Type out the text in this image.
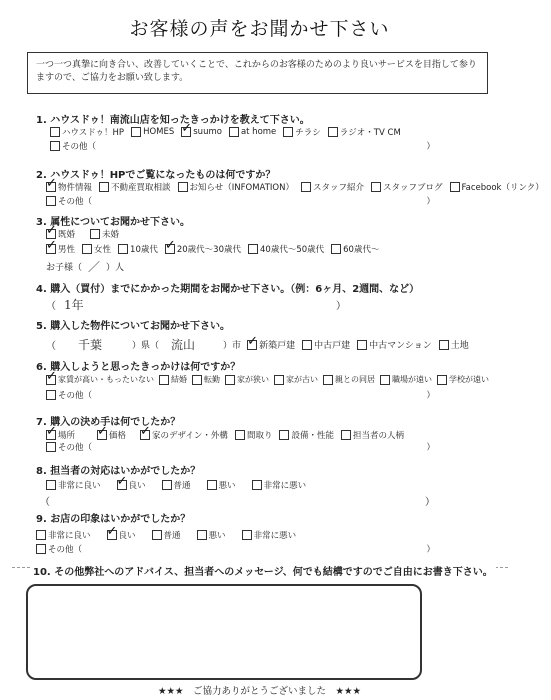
お客様の声をお聞かせ下さい
一つ一つ真摯に向き合い、改善していくことで、これからのお客様のためのより良いサービスを目指して参りますので、ご協力をお願い致します。
1. ハウスドゥ！南流山店を知ったきっかけを教えて下さい。
ハウスドゥ！HP HOMES ✓ suumo at home チラシ ラジオ・TV CM
その他（	）
2. ハウスドゥ！HPでご覧になったものは何ですか？
✓
物件情報 不動産買取相談 お知らせ（INFOMATION） スタッフ紹介 スタッフブログ Facebook（リンク）
その他（	）
3. 属性についてお聞かせ下さい。
✓
既婚	未婚
✓
男性 女性 10歳代 ✓ 20歳代〜30歳代 40歳代〜50歳代 60歳代〜
お子様（ ／ ）人
4. 購入（買付）までにかかった期間をお聞かせ下さい。（例：6ヶ月、2週間、など）
（ 1年	）
5. 購入した物件についてお聞かせ下さい。
（ 千葉	）県（ 流山	）市 ✓ 新築戸建 中古戸建 中古マンション 土地
6. 購入しようと思ったきっかけは何ですか？
✓
家賃が高い・もったいない 結婚 転勤 家が狭い 家が古い 親との同居 職場が遠い 学校が遠い
その他（	）
7. 購入の決め手は何でしたか？
✓
場所 ✓	価格 ✓	家のデザイン・外構 間取り 設備・性能 担当者の人柄
その他（	）
8. 担当者の対応はいかがでしたか？
非常に良い ✓	良い	普通	悪い	非常に悪い
（	）
9. お店の印象はいかがでしたか？
非常に良い ✓	良い	普通	悪い	非常に悪い
その他（	）
10. その他弊社へのアドバイス、担当者へのメッセージ、何でも結構ですのでご自由にお書き下さい。
★★★　ご協力ありがとうございました　★★★
